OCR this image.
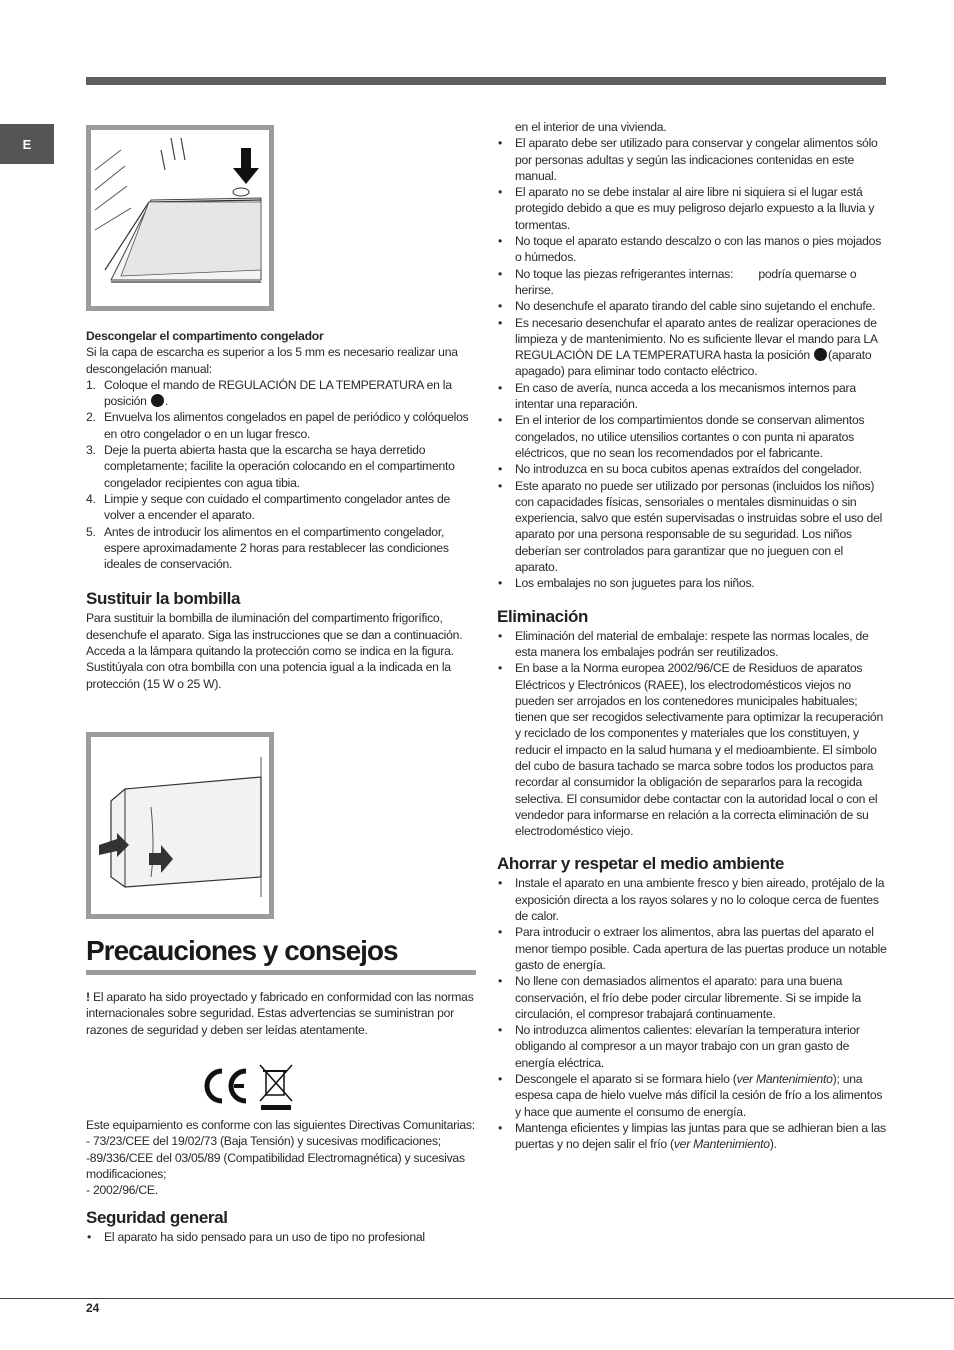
E

Descongelar el compartimento congelador

Si la capa de escarcha es superior a los 5 mm es necesario realizar una descongelación manual:

1. Coloque el mando de REGULACIÓN DE LA TEMPERATURA en la posición .
2. Envuelva los alimentos congelados en papel de periódico y colóquelos en otro congelador o en un lugar fresco.
3. Deje la puerta abierta hasta que la escarcha se haya derretido completamente; facilite la operación colocando en el compartimento congelador recipientes con agua tibia.
4. Limpie y seque con cuidado el compartimento congelador antes de volver a encender el aparato.
5. Antes de introducir los alimentos en el compartimento congelador, espere aproximadamente 2 horas para restablecer las condiciones ideales de conservación.
Sustituir la bombilla

Para sustituir la bombilla de iluminación del compartimento frigorífico, desenchufe el aparato. Siga las instrucciones que se dan a continuación.

Acceda a la lámpara quitando la protección como se indica en la figura. Sustitúyala con otra bombilla con una potencia igual a la indicada en la protección (15 W o 25 W).

Precauciones y consejos

! El aparato ha sido proyectado y fabricado en conformidad con las normas internacionales sobre seguridad. Estas advertencias se suministran por razones de seguridad y deben ser leídas atentamente.

Este equipamiento es conforme con las siguientes Directivas Comunitarias:

- 73/23/CEE del 19/02/73 (Baja Tensión) y sucesivas modificaciones;

-89/336/CEE del 03/05/89 (Compatibilidad Electromagnética) y sucesivas modificaciones;

- 2002/96/CE.

Seguridad general
• El aparato ha sido pensado para un uso de tipo no profesional

en el interior de una vivienda.

• El aparato debe ser utilizado para conservar y congelar alimentos sólo por personas adultas y según las indicaciones contenidas en este manual.
• El aparato no se debe instalar al aire libre ni siquiera si el lugar está protegido debido a que es muy peligroso dejarlo expuesto a la lluvia y tormentas.
• No toque el aparato estando descalzo o con las manos o pies mojados o húmedos.
• No toque las piezas refrigerantes internas:        podría quemarse o herirse.
• No desenchufe el aparato tirando del cable sino sujetando el enchufe.
• Es necesario desenchufar el aparato antes de realizar operaciones de limpieza y de mantenimiento. No es suficiente llevar el mando para LA REGULACIÓN DE LA TEMPERATURA hasta la posición (aparato apagado) para eliminar todo contacto eléctrico.
• En caso de avería, nunca acceda a los mecanismos internos para intentar una reparación.
• En el interior de los compartimientos donde se conservan alimentos congelados, no utilice utensilios cortantes o con punta ni aparatos eléctricos, que no sean los recomendados por el fabricante.
• No introduzca en su boca cubitos apenas extraídos del congelador.
• Este aparato no puede ser utilizado por personas (incluidos los niños) con capacidades físicas, sensoriales o mentales disminuidas o sin experiencia, salvo que estén supervisadas o instruidas sobre el uso del aparato por una persona responsable de su seguridad. Los niños deberían ser controlados para garantizar que no jueguen con el aparato.
• Los embalajes no son juguetes para los niños.
Eliminación
• Eliminación del material de embalaje: respete las normas locales, de esta manera los embalajes podrán ser reutilizados.
• En base a la Norma europea 2002/96/CE de Residuos de aparatos Eléctricos y Electrónicos (RAEE), los electrodomésticos viejos no pueden ser arrojados en los contenedores municipales habituales; tienen que ser recogidos selectivamente para optimizar la recuperación y reciclado de los componentes y materiales que los constituyen, y reducir el impacto en la salud humana y el medioambiente. El símbolo del cubo de basura tachado se marca sobre todos los productos para recordar al consumidor la obligación de separarlos para la recogida selectiva. El consumidor debe contactar con la autoridad local o con el vendedor para informarse en relación a la correcta eliminación de su electrodoméstico viejo.
Ahorrar y respetar el medio ambiente
• Instale el aparato en una ambiente fresco y bien aireado, protéjalo de la exposición directa a los rayos solares y no lo coloque cerca de fuentes de calor.
• Para introducir o extraer los alimentos, abra las puertas del aparato el menor tiempo posible. Cada apertura de las puertas produce un notable gasto de energía.
• No llene con demasiados alimentos el aparato: para una buena conservación, el frío debe poder circular libremente. Si se impide la circulación, el compresor trabajará continuamente.
• No introduzca alimentos calientes: elevarían la temperatura interior obligando al compresor a un mayor trabajo con un gran gasto de energía eléctrica.
• Descongele el aparato si se formara hielo (ver Mantenimiento); una espesa capa de hielo vuelve más difícil la cesión de frío a los alimentos y hace que aumente el consumo de energía.
• Mantenga eficientes y limpias las juntas para que se adhieran bien a las puertas y no dejen salir el frío (ver Mantenimiento).
24
